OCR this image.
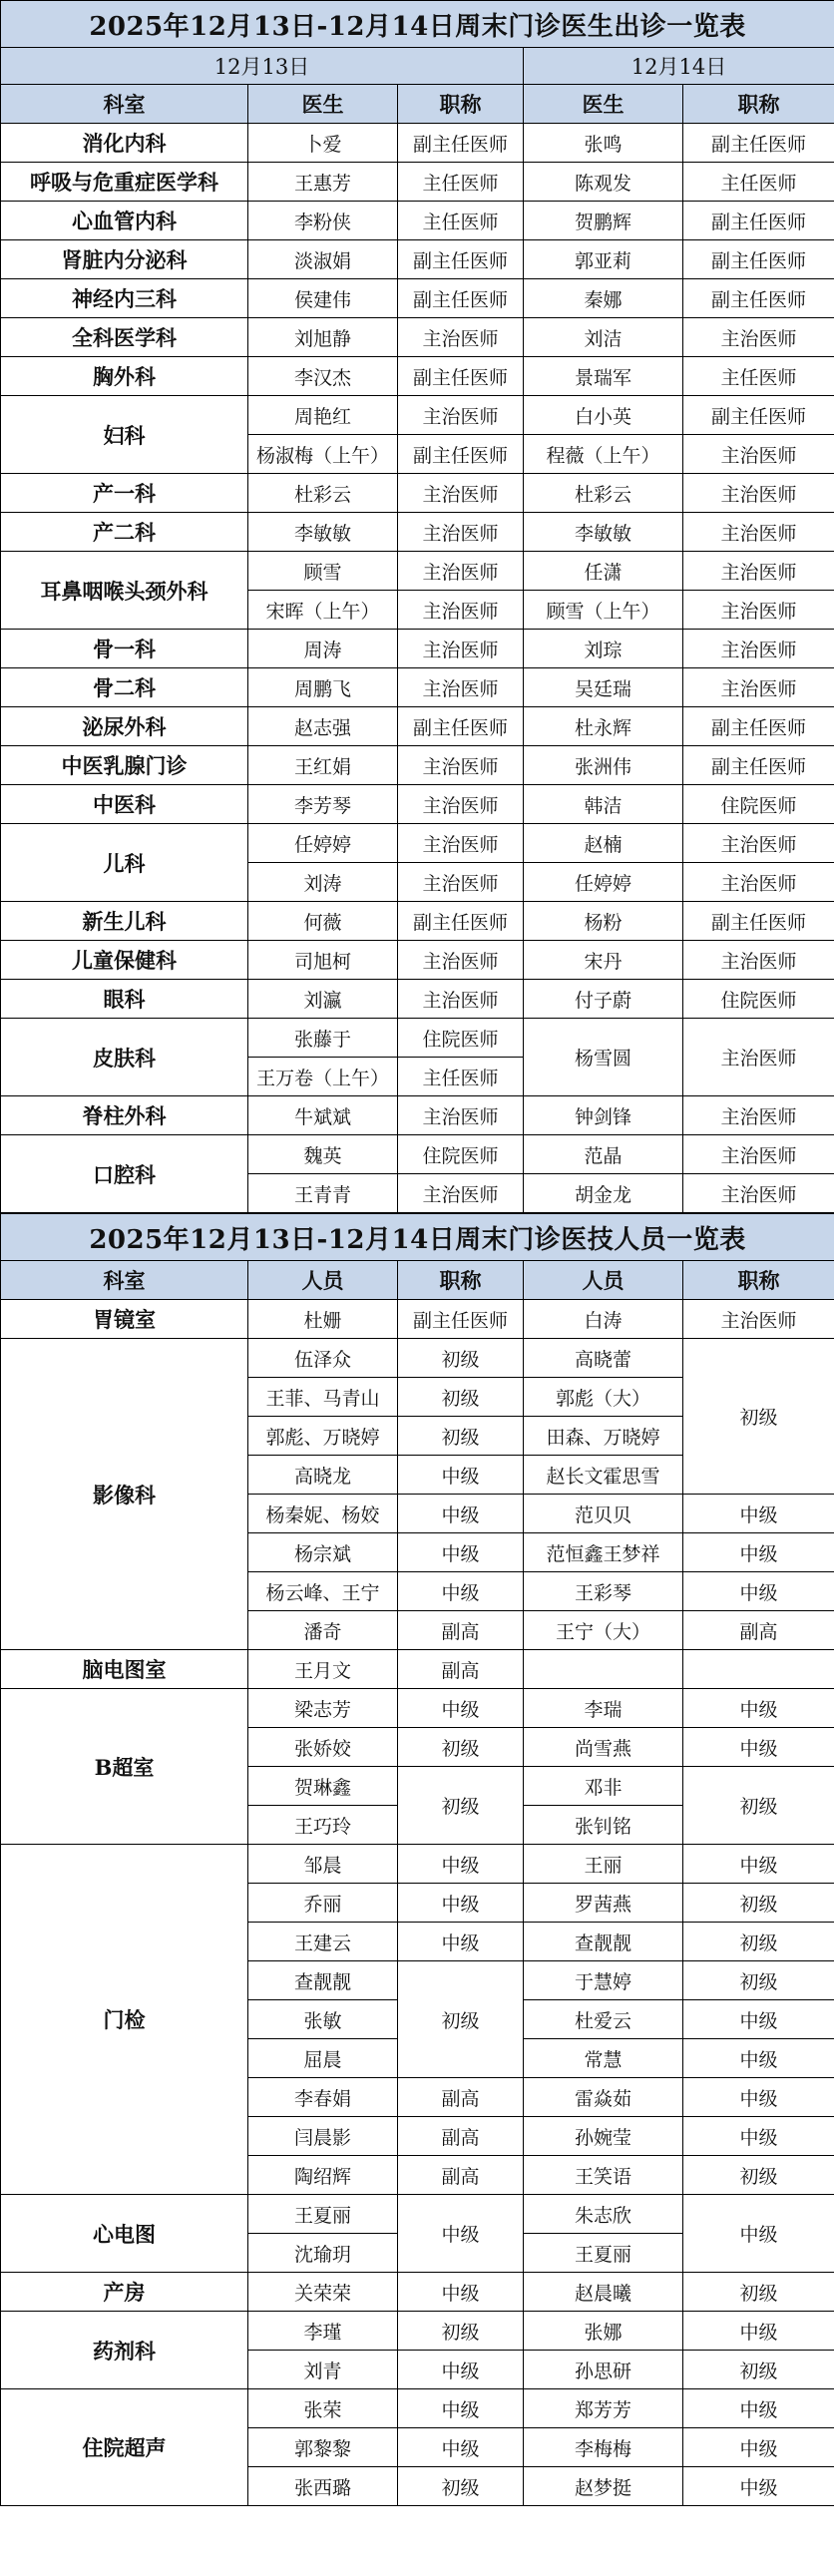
2025年12月13日-12月14日周末门诊医生出诊一览表				
12月13日			12月14日	
科室	医生	职称	医生	职称
消化内科	卜爱	副主任医师	张鸣	副主任医师
呼吸与危重症医学科	王惠芳	主任医师	陈观发	主任医师
心血管内科	李粉侠	主任医师	贺鹏辉	副主任医师
肾脏内分泌科	淡淑娟	副主任医师	郭亚莉	副主任医师
神经内三科	侯建伟	副主任医师	秦娜	副主任医师
全科医学科	刘旭静	主治医师	刘洁	主治医师
胸外科	李汉杰	副主任医师	景瑞军	主任医师
妇科	周艳红	主治医师	白小英	副主任医师
	杨淑梅（上午）	副主任医师	程薇（上午）	主治医师
产一科	杜彩云	主治医师	杜彩云	主治医师
产二科	李敏敏	主治医师	李敏敏	主治医师
耳鼻咽喉头颈外科	顾雪	主治医师	任潇	主治医师
	宋晖（上午）	主治医师	顾雪（上午）	主治医师
骨一科	周涛	主治医师	刘琮	主治医师
骨二科	周鹏飞	主治医师	吴廷瑞	主治医师
泌尿外科	赵志强	副主任医师	杜永辉	副主任医师
中医乳腺门诊	王红娟	主治医师	张洲伟	副主任医师
中医科	李芳琴	主治医师	韩洁	住院医师
儿科	任婷婷	主治医师	赵楠	主治医师
	刘涛	主治医师	任婷婷	主治医师
新生儿科	何薇	副主任医师	杨粉	副主任医师
儿童保健科	司旭柯	主治医师	宋丹	主治医师
眼科	刘瀛	主治医师	付子蔚	住院医师
皮肤科	张藤于	住院医师	杨雪圆	主治医师
	王万卷（上午）	主任医师		
脊柱外科	牛斌斌	主治医师	钟剑锋	主治医师
口腔科	魏英	住院医师	范晶	主治医师
	王青青	主治医师	胡金龙	主治医师
2025年12月13日-12月14日周末门诊医技人员一览表				
科室	人员	职称	人员	职称
胃镜室	杜姗	副主任医师	白涛	主治医师
影像科	伍泽众	初级	高晓蕾	初级
	王菲、马青山	初级	郭彪（大）	
	郭彪、万晓婷	初级	田森、万晓婷	
	高晓龙	中级	赵长文霍思雪	
	杨秦妮、杨姣	中级	范贝贝	中级
	杨宗斌	中级	范恒鑫王梦祥	中级
	杨云峰、王宁	中级	王彩琴	中级
	潘奇	副高	王宁（大）	副高
脑电图室	王月文	副高		
B超室	梁志芳	中级	李瑞	中级
	张娇姣	初级	尚雪燕	中级
	贺琳鑫	初级	邓非	初级
	王巧玲		张钊铭	
门检	邹晨	中级	王丽	中级
	乔丽	中级	罗茜燕	初级
	王建云	中级	查靓靓	初级
	查靓靓	初级	于慧婷	初级
	张敏		杜爱云	中级
	屈晨		常慧	中级
	李春娟	副高	雷焱茹	中级
	闫晨影	副高	孙婉莹	中级
	陶绍辉	副高	王笑语	初级
心电图	王夏丽	中级	朱志欣	中级
	沈瑜玥		王夏丽	
产房	关荣荣	中级	赵晨曦	初级
药剂科	李瑾	初级	张娜	中级
	刘青	中级	孙思研	初级
住院超声	张荣	中级	郑芳芳	中级
	郭黎黎	中级	李梅梅	中级
	张西璐	初级	赵梦挺	中级
